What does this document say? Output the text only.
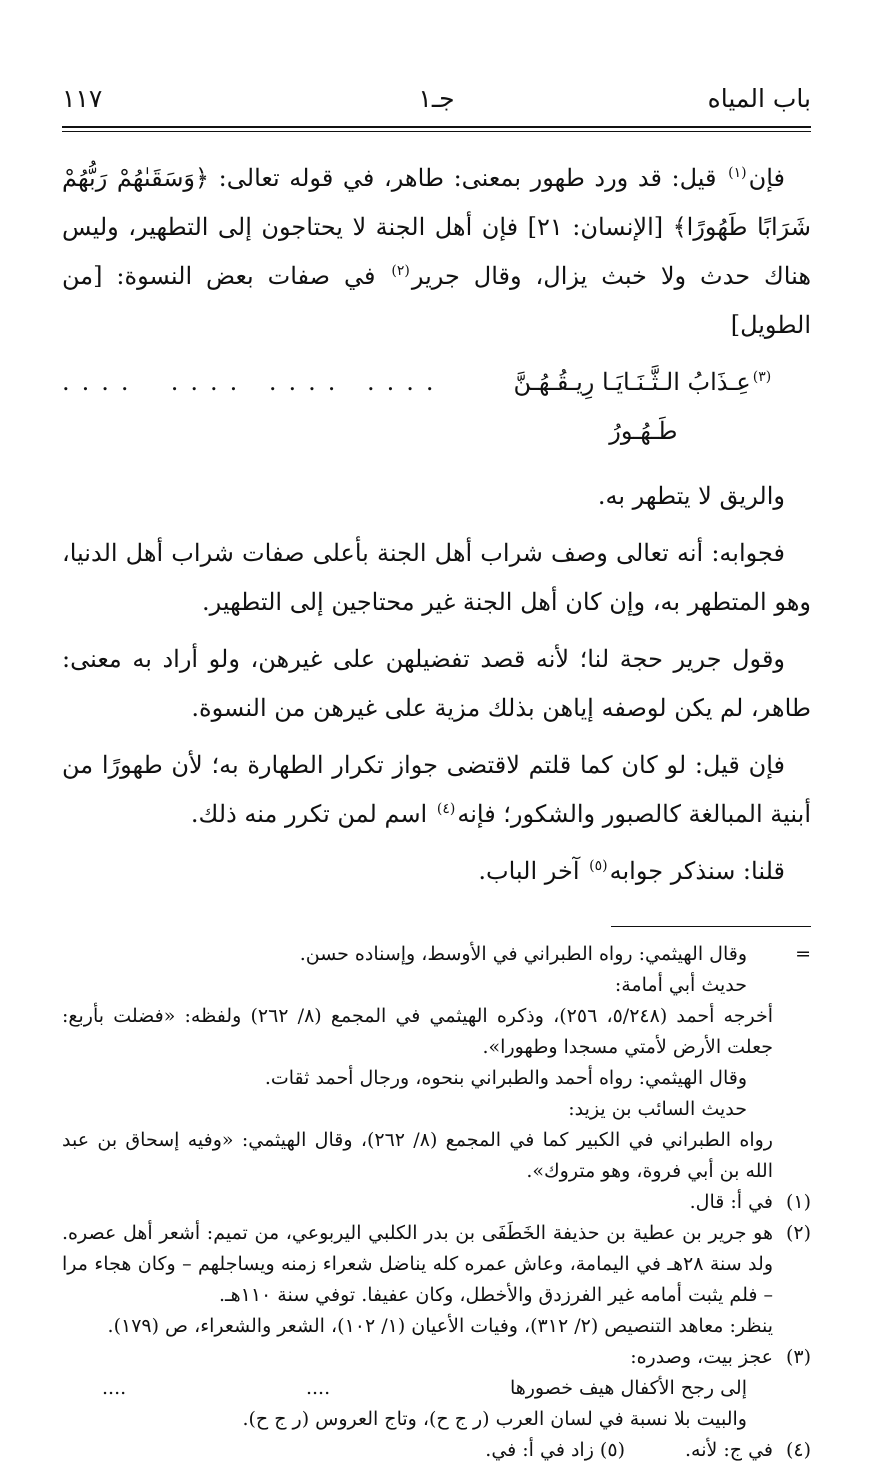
باب المياه
جـ١
١١٧

فإن$^{(١)}$ قيل: قد ورد طهور بمعنى: طاهر، في قوله تعالى: ﴿وَسَقَىٰهُمْ رَبُّهُمْ شَرَابًا طَهُورًا﴾ [الإنسان: ٢١] فإن أهل الجنة لا يحتاجون إلى التطهير، وليس هناك حدث ولا خبث يزال، وقال جرير$^{(٢)}$ في صفات بعض النسوة: [من الطويل]

$^{(٣)}$عِـذَابُ الـثَّـنَـايَـا رِيـقُـهُـنَّ طَـهُـورُ
.... .... ....
....

والريق لا يتطهر به.

فجوابه: أنه تعالى وصف شراب أهل الجنة بأعلى صفات شراب أهل الدنيا، وهو المتطهر به، وإن كان أهل الجنة غير محتاجين إلى التطهير.

وقول جرير حجة لنا؛ لأنه قصد تفضيلهن على غيرهن، ولو أراد به معنى: طاهر، لم يكن لوصفه إياهن بذلك مزية على غيرهن من النسوة.

فإن قيل: لو كان كما قلتم لاقتضى جواز تكرار الطهارة به؛ لأن طهورًا من أبنية المبالغة كالصبور والشكور؛ فإنه$^{(٤)}$ اسم لمن تكرر منه ذلك.

قلنا: سنذكر جوابه$^{(٥)}$ آخر الباب.

=
وقال الهيثمي: رواه الطبراني في الأوسط، وإسناده حسن.
حديث أبي أمامة:
أخرجه أحمد (٥/٢٤٨، ٢٥٦)، وذكره الهيثمي في المجمع (٨/ ٢٦٢) ولفظه: «فضلت بأربع: جعلت الأرض لأمتي مسجدا وطهورا».
وقال الهيثمي: رواه أحمد والطبراني بنحوه، ورجال أحمد ثقات.
حديث السائب بن يزيد:
رواه الطبراني في الكبير كما في المجمع (٨/ ٢٦٢)، وقال الهيثمي: «وفيه إسحاق بن عبد الله بن أبي فروة، وهو متروك».
(١)
في أ: قال.
(٢)
هو جرير بن عطية بن حذيفة الخَطَفَى بن بدر الكلبي اليربوعي، من تميم: أشعر أهل عصره. ولد سنة ٢٨هـ في اليمامة، وعاش عمره كله يناضل شعراء زمنه ويساجلهم – وكان هجاء مرا – فلم يثبت أمامه غير الفرزدق والأخطل، وكان عفيفا. توفي سنة ١١٠هـ.
ينظر: معاهد التنصيص (٢/ ٣١٢)، وفيات الأعيان (١/ ١٠٢)، الشعر والشعراء، ص (١٧٩).
(٣)
عجز بيت، وصدره:
إلى رجح الأكفال هيف خصورها
....
....
والبيت بلا نسبة في لسان العرب (ر ج ح)، وتاج العروس (ر ج ح).
(٤)
في ج: لأنه.
(٥) زاد في أ: في.
